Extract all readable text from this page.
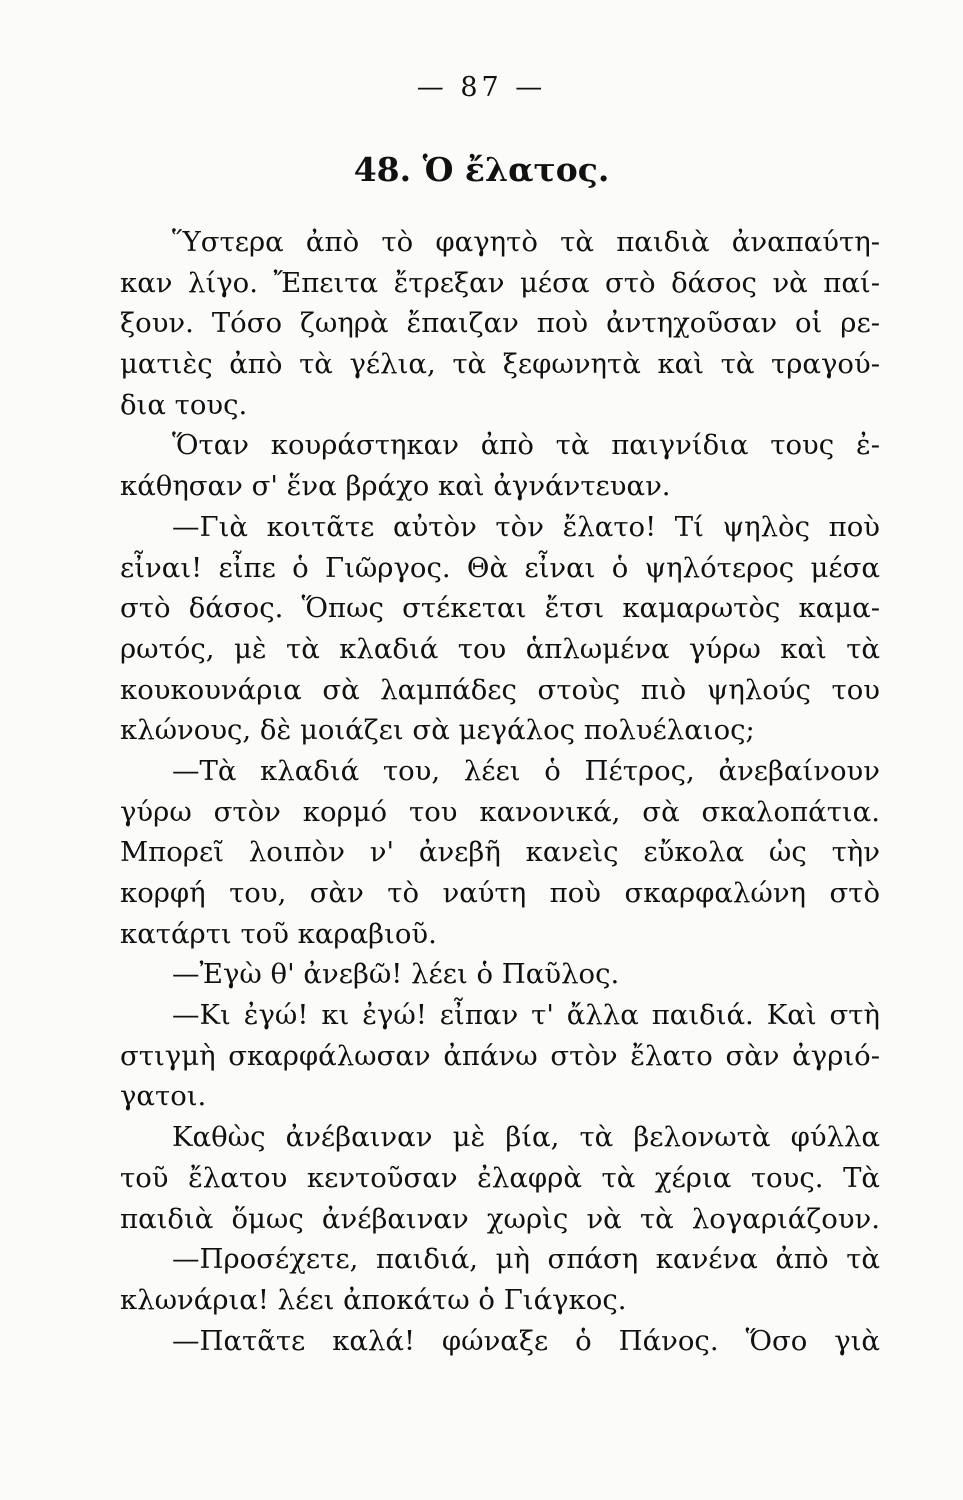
— 87 —
48. Ὁ ἔλατος.
Ὕστερα ἀπὸ τὸ φαγητὸ τὰ παιδιὰ ἀναπαύτη-
καν λίγο. Ἔπειτα ἔτρεξαν μέσα στὸ δάσος νὰ παί-
ξουν. Τόσο ζωηρὰ ἔπαιζαν ποὺ ἀντηχοῦσαν οἱ ρε-
ματιὲς ἀπὸ τὰ γέλια, τὰ ξεφωνητὰ καὶ τὰ τραγού-
δια τους.
Ὅταν κουράστηκαν ἀπὸ τὰ παιγνίδια τους ἐ-
κάθησαν σ' ἕνα βράχο καὶ ἀγνάντευαν.
—Γιὰ κοιτᾶτε αὐτὸν τὸν ἔλατο! Τί ψηλὸς ποὺ
εἶναι! εἶπε ὁ Γιῶργος. Θὰ εἶναι ὁ ψηλότερος μέσα
στὸ δάσος. Ὅπως στέκεται ἔτσι καμαρωτὸς καμα-
ρωτός, μὲ τὰ κλαδιά του ἁπλωμένα γύρω καὶ τὰ
κουκουνάρια σὰ λαμπάδες στοὺς πιὸ ψηλούς του
κλώνους, δὲ μοιάζει σὰ μεγάλος πολυέλαιος;
—Τὰ κλαδιά του, λέει ὁ Πέτρος, ἀνεβαίνουν
γύρω στὸν κορμό του κανονικά, σὰ σκαλοπάτια.
Μπορεῖ λοιπὸν ν' ἀνεβῆ κανεὶς εὔκολα ὡς τὴν
κορφή του, σὰν τὸ ναύτη ποὺ σκαρφαλώνη στὸ
κατάρτι τοῦ καραβιοῦ.
—Ἐγὼ θ' ἀνεβῶ! λέει ὁ Παῦλος.
—Κι ἐγώ! κι ἐγώ! εἶπαν τ' ἄλλα παιδιά. Καὶ στὴ
στιγμὴ σκαρφάλωσαν ἀπάνω στὸν ἔλατο σὰν ἀγριό-
γατοι.
Καθὼς ἀνέβαιναν μὲ βία, τὰ βελονωτὰ φύλλα
τοῦ ἔλατου κεντοῦσαν ἐλαφρὰ τὰ χέρια τους. Τὰ
παιδιὰ ὅμως ἀνέβαιναν χωρὶς νὰ τὰ λογαριάζουν.
—Προσέχετε, παιδιά, μὴ σπάση κανένα ἀπὸ τὰ
κλωνάρια! λέει ἀποκάτω ὁ Γιάγκος.
—Πατᾶτε καλά! φώναξε ὁ Πάνος. Ὅσο γιὰ
